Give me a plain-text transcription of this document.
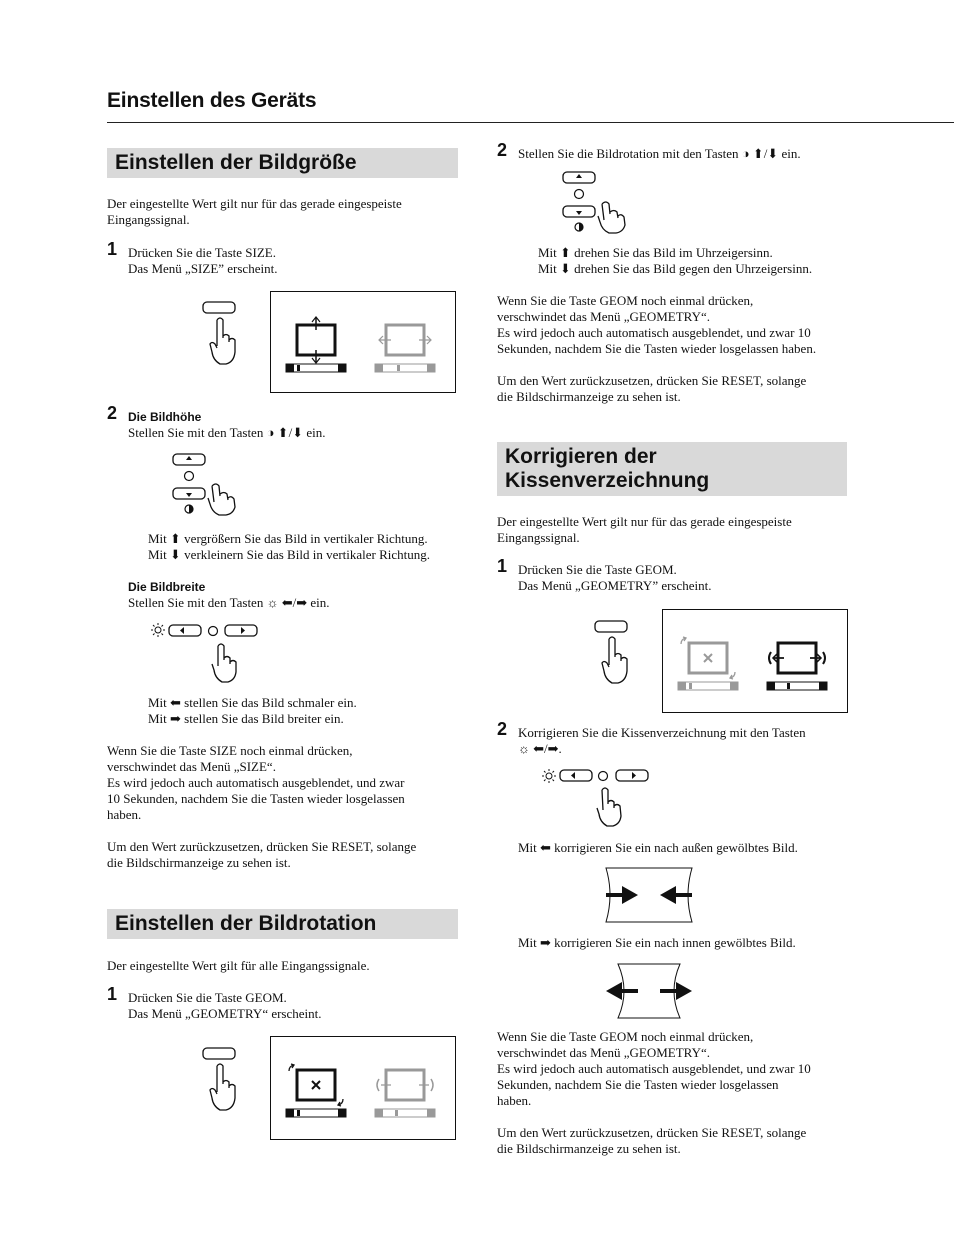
Einstellen des Geräts
Einstellen der Bildgröße
Der eingestellte Wert gilt nur für das gerade eingespeiste
Eingangssignal.
1 Drücken Sie die Taste SIZE.
Das Menü „SIZE” erscheint.
2 Die Bildhöhe
Stellen Sie mit den Tasten ◑ ⬆/⬇ ein.
Mit ⬆ vergrößern Sie das Bild in vertikaler Richtung.
Mit ⬇ verkleinern Sie das Bild in vertikaler Richtung.
Die Bildbreite
Stellen Sie mit den Tasten ☼ ⬅/➡ ein.
Mit ⬅ stellen Sie das Bild schmaler ein.
Mit ➡ stellen Sie das Bild breiter ein.
Wenn Sie die Taste SIZE noch einmal drücken,
verschwindet das Menü „SIZE“.
Es wird jedoch auch automatisch ausgeblendet, und zwar
10 Sekunden, nachdem Sie die Tasten wieder losgelassen
haben.
Um den Wert zurückzusetzen, drücken Sie RESET, solange
die Bildschirmanzeige zu sehen ist.
Einstellen der Bildrotation
Der eingestellte Wert gilt für alle Eingangssignale.
1 Drücken Sie die Taste GEOM.
Das Menü „GEOMETRY“ erscheint.
2 Stellen Sie die Bildrotation mit den Tasten ◑ ⬆/⬇ ein.
Mit ⬆ drehen Sie das Bild im Uhrzeigersinn.
Mit ⬇ drehen Sie das Bild gegen den Uhrzeigersinn.
Wenn Sie die Taste GEOM noch einmal drücken,
verschwindet das Menü „GEOMETRY“.
Es wird jedoch auch automatisch ausgeblendet, und zwar 10
Sekunden, nachdem Sie die Tasten wieder losgelassen haben.
Um den Wert zurückzusetzen, drücken Sie RESET, solange
die Bildschirmanzeige zu sehen ist.
Korrigieren der
Kissenverzeichnung
Der eingestellte Wert gilt nur für das gerade eingespeiste
Eingangssignal.
1 Drücken Sie die Taste GEOM.
Das Menü „GEOMETRY” erscheint.
2 Korrigieren Sie die Kissenverzeichnung mit den Tasten
☼ ⬅/➡.
Mit ⬅ korrigieren Sie ein nach außen gewölbtes Bild.
Mit ➡ korrigieren Sie ein nach innen gewölbtes Bild.
Wenn Sie die Taste GEOM noch einmal drücken,
verschwindet das Menü „GEOMETRY“.
Es wird jedoch auch automatisch ausgeblendet, und zwar 10
Sekunden, nachdem Sie die Tasten wieder losgelassen
haben.
Um den Wert zurückzusetzen, drücken Sie RESET, solange
die Bildschirmanzeige zu sehen ist.
